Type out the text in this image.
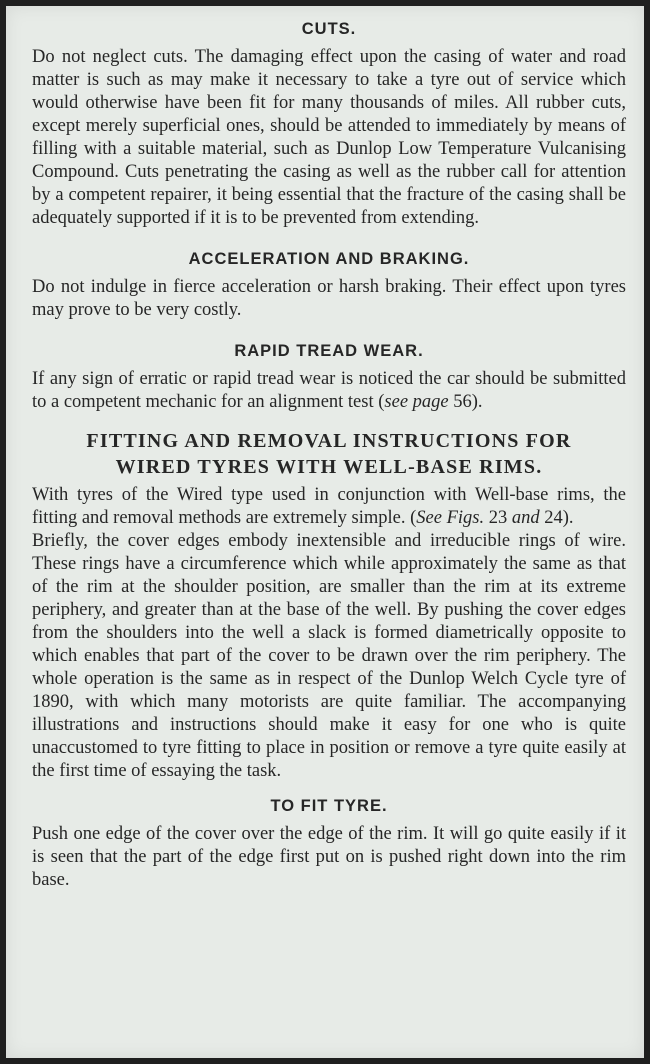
CUTS.

Do not neglect cuts. The damaging effect upon the casing of water and road matter is such as may make it necessary to take a tyre out of service which would otherwise have been fit for many thousands of miles. All rubber cuts, except merely superficial ones, should be attended to immediately by means of filling with a suitable material, such as Dunlop Low Temperature Vulcanising Compound. Cuts penetrating the casing as well as the rubber call for attention by a competent repairer, it being essential that the fracture of the casing shall be adequately supported if it is to be prevented from extending.

ACCELERATION AND BRAKING.

Do not indulge in fierce acceleration or harsh braking. Their effect upon tyres may prove to be very costly.

RAPID TREAD WEAR.

If any sign of erratic or rapid tread wear is noticed the car should be submitted to a competent mechanic for an alignment test (see page 56).

FITTING AND REMOVAL INSTRUCTIONS FOR
WIRED TYRES WITH WELL-BASE RIMS.

With tyres of the Wired type used in conjunction with Well-base rims, the fitting and removal methods are extremely simple. (See Figs. 23 and 24).

Briefly, the cover edges embody inextensible and irreducible rings of wire. These rings have a circumference which while approximately the same as that of the rim at the shoulder position, are smaller than the rim at its extreme periphery, and greater than at the base of the well. By pushing the cover edges from the shoulders into the well a slack is formed diametrically opposite to which enables that part of the cover to be drawn over the rim periphery. The whole operation is the same as in respect of the Dunlop Welch Cycle tyre of 1890, with which many motorists are quite familiar. The accompanying illustrations and instructions should make it easy for one who is quite unaccustomed to tyre fitting to place in position or remove a tyre quite easily at the first time of essaying the task.

TO FIT TYRE.

Push one edge of the cover over the edge of the rim. It will go quite easily if it is seen that the part of the edge first put on is pushed right down into the rim base.
